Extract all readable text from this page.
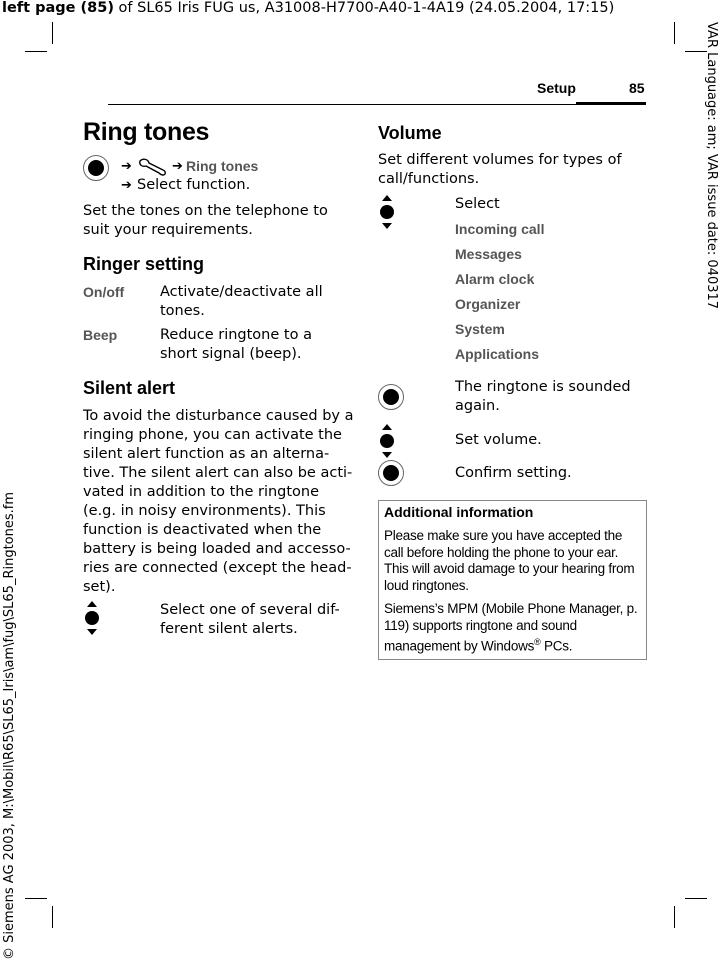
left page (85) of SL65 Iris FUG us, A31008-H7700-A40-1-4A19 (24.05.2004, 17:15)
VAR Language: am; VAR issue date: 040317
© Siemens AG 2003, M:\Mobil\R65\SL65_Iris\am\fug\SL65_Ringtones.fm
Setup	85
Ring tones
➔	➔ Ring tones
➔ Select function.
Set the tones on the telephone to suit your requirements.
Ringer setting
On/off Activate/deactivate all tones.
Beep	Reduce ringtone to a short signal (beep).
Silent alert
To avoid the disturbance caused by a
ringing phone, you can activate the
silent alert function as an alterna-
tive. The silent alert can also be acti-
vated in addition to the ringtone
(e.g. in noisy environments). This
function is deactivated when the
battery is being loaded and accesso-
ries are connected (except the head-
set).
Select one of several dif-
ferent silent alerts.
Volume
Set different volumes for types of call/functions.
Select
Incoming call
Messages
Alarm clock
Organizer
System
Applications
The ringtone is sounded again.
Set volume.
Confirm setting.
Additional information
Please make sure you have accepted the call before holding the phone to your ear. This will avoid damage to your hearing from loud ringtones.
Siemens’s MPM (Mobile Phone Manager, p. 119) supports ringtone and sound management by Windows® PCs.
